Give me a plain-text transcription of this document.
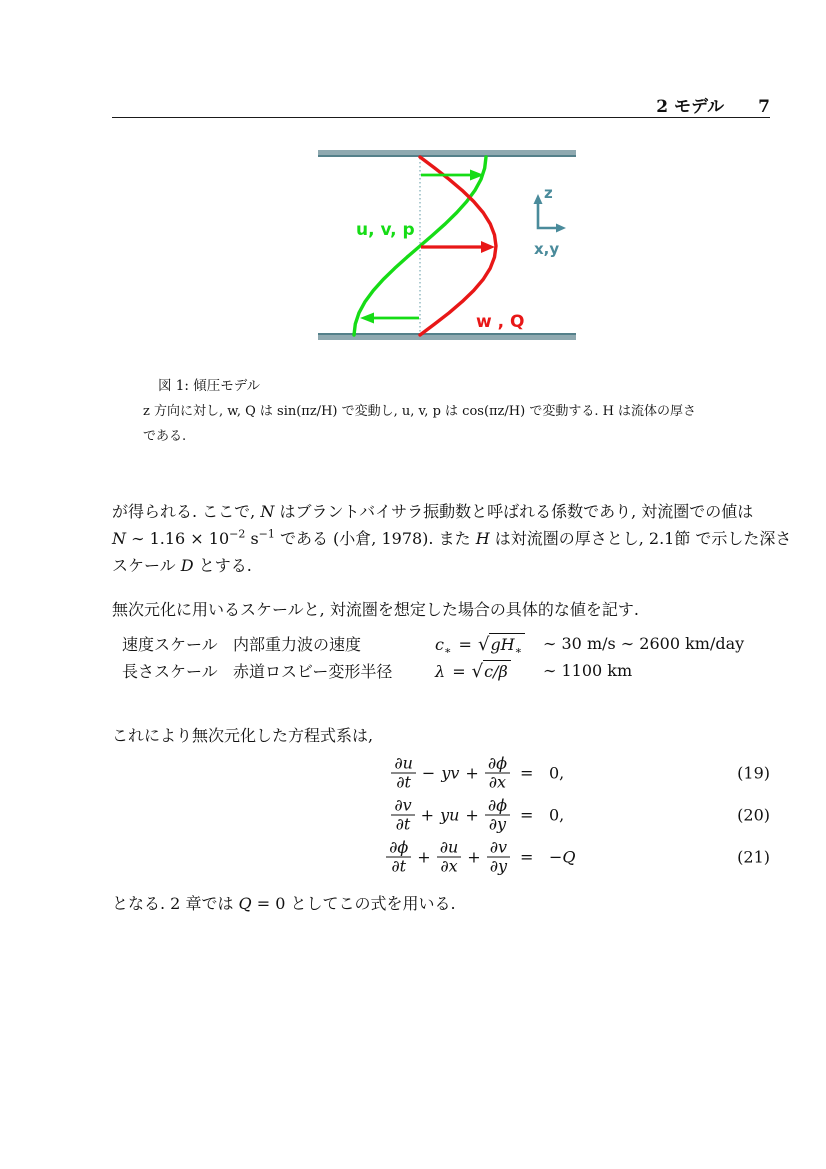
2 モデル 7
u, v, p
w , Q
z
x,y
図 1: 傾圧モデル
z 方向に対し, w, Q は sin(πz/H) で変動し, u, v, p は cos(πz/H) で変動する. H は流体の厚さ
である.
が得られる. ここで, N はブラントバイサラ振動数と呼ばれる係数であり, 対流圏での値は
N ∼ $1.16 \times 10^{-2}$ $s^{-1}$ である (小倉, 1978). また H は対流圏の厚さとし, 2.1節 で示した深さ
スケール D とする.
無次元化に用いるスケールと, 対流圏を想定した場合の具体的な値を記す.
速度スケール 内部重力波の速度	$c_∗$ = √ $gH_∗$ ∼ 30 m/s ∼ 2600 km/day
長さスケール 赤道ロスビー変形半径	λ = √ c/β ∼ 1100 km
これにより無次元化した方程式系は,
$\frac{\partial u}{\partial t}$ − yv + $\frac{\partial\phi}{\partial x} = 0$,	(19)
$\frac{\partial v}{\partial t}$ + yu + $\frac{\partial\phi}{\partial y} = 0$,	(20)
$\frac{\partial\phi}{\partial t} + \frac{\partial u}{\partial x} + \frac{\partial v}{\partial y} = -Q$	(21)
となる. 2 章では Q = 0 としてこの式を用いる.
